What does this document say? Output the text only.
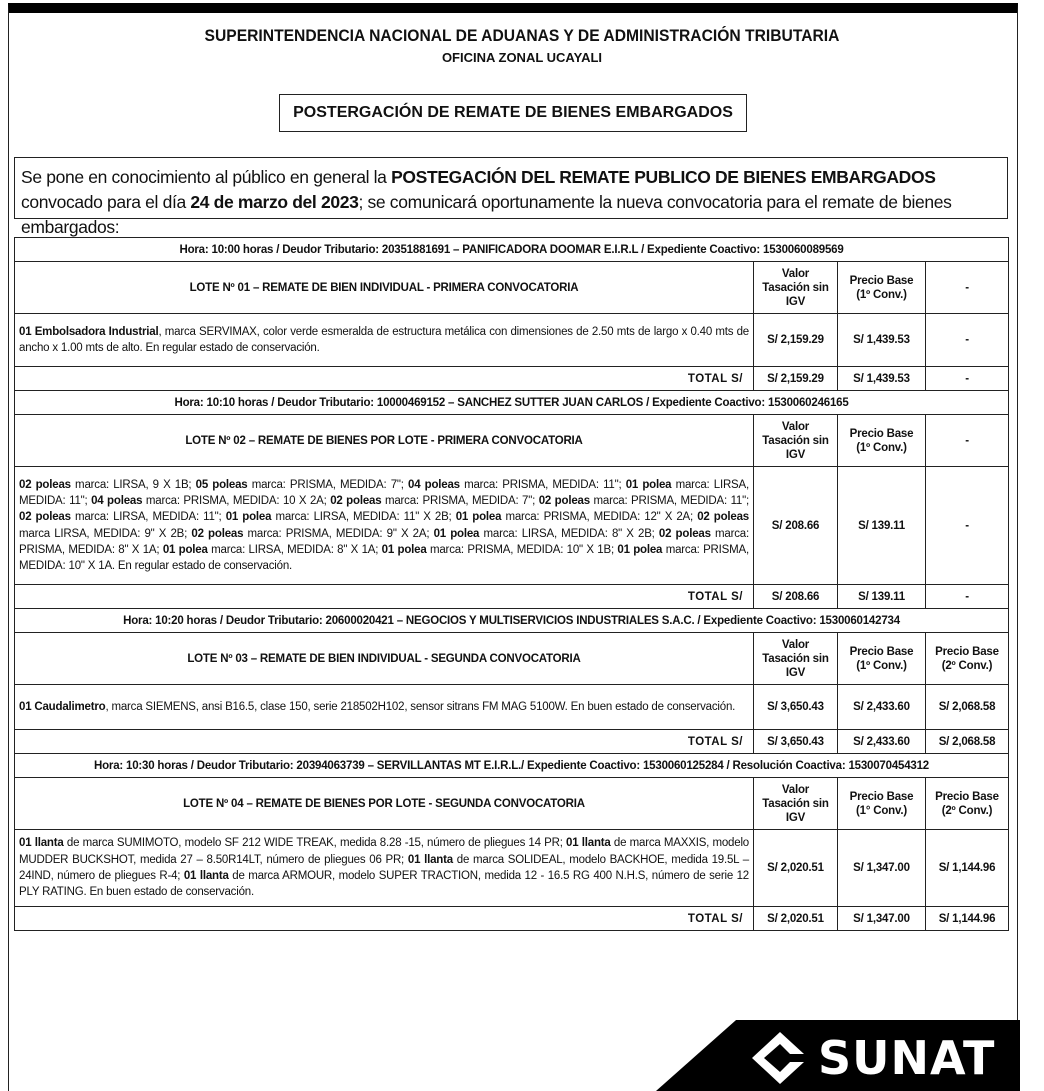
SUPERINTENDENCIA NACIONAL DE ADUANAS Y DE ADMINISTRACIÓN TRIBUTARIA
OFICINA ZONAL UCAYALI
POSTERGACIÓN DE REMATE DE BIENES EMBARGADOS
Se pone en conocimiento al público en general la POSTEGACIÓN DEL REMATE PUBLICO DE BIENES EMBARGADOS convocado para el día 24 de marzo del 2023; se comunicará oportunamente la nueva convocatoria para el remate de bienes embargados:
Hora: 10:00 horas / Deudor Tributario: 20351881691 – PANIFICADORA DOOMAR E.I.R.L / Expediente Coactivo: 1530060089569			
LOTE Nº 01 – REMATE DE BIEN INDIVIDUAL - PRIMERA CONVOCATORIA	Valor Tasación sin IGV	Precio Base (1º Conv.)	-
01 Embolsadora Industrial, marca SERVIMAX, color verde esmeralda de estructura metálica con dimensiones de 2.50 mts de largo x 0.40 mts de ancho x 1.00 mts de alto. En regular estado de conservación.	S/ 2,159.29	S/ 1,439.53	-
TOTAL S/	S/ 2,159.29	S/ 1,439.53	-
Hora: 10:10 horas / Deudor Tributario: 10000469152 – SANCHEZ SUTTER JUAN CARLOS / Expediente Coactivo: 1530060246165			
LOTE Nº 02 – REMATE DE BIENES POR LOTE - PRIMERA CONVOCATORIA	Valor Tasación sin IGV	Precio Base (1º Conv.)	-
02 poleas marca: LIRSA, 9 X 1B; 05 poleas marca: PRISMA, MEDIDA: 7"; 04 poleas marca: PRISMA, MEDIDA: 11"; 01 polea marca: LIRSA, MEDIDA: 11"; 04 poleas marca: PRISMA, MEDIDA: 10 X 2A; 02 poleas marca: PRISMA, MEDIDA: 7"; 02 poleas marca: PRISMA, MEDIDA: 11"; 02 poleas marca: LIRSA, MEDIDA: 11"; 01 polea marca: LIRSA, MEDIDA: 11" X 2B; 01 polea marca: PRISMA, MEDIDA: 12" X 2A; 02 poleas marca LIRSA, MEDIDA: 9" X 2B; 02 poleas marca: PRISMA, MEDIDA: 9" X 2A; 01 polea marca: LIRSA, MEDIDA: 8" X 2B; 02 poleas marca: PRISMA, MEDIDA: 8" X 1A; 01 polea marca: LIRSA, MEDIDA: 8" X 1A; 01 polea marca: PRISMA, MEDIDA: 10" X 1B; 01 polea marca: PRISMA, MEDIDA: 10" X 1A. En regular estado de conservación.	S/ 208.66	S/ 139.11	-
TOTAL S/	S/ 208.66	S/ 139.11	-
Hora: 10:20 horas / Deudor Tributario: 20600020421 – NEGOCIOS Y MULTISERVICIOS INDUSTRIALES S.A.C. / Expediente Coactivo: 1530060142734			
LOTE Nº 03 – REMATE DE BIEN INDIVIDUAL - SEGUNDA CONVOCATORIA	Valor Tasación sin IGV	Precio Base (1º Conv.)	Precio Base (2º Conv.)
01 Caudalimetro, marca SIEMENS, ansi B16.5, clase 150, serie 218502H102, sensor sitrans FM MAG 5100W. En buen estado de conservación.	S/ 3,650.43	S/ 2,433.60	S/ 2,068.58
TOTAL S/	S/ 3,650.43	S/ 2,433.60	S/ 2,068.58
Hora: 10:30 horas / Deudor Tributario: 20394063739 – SERVILLANTAS MT E.I.R.L./ Expediente Coactivo: 1530060125284 / Resolución Coactiva: 1530070454312			
LOTE Nº 04 – REMATE DE BIENES POR LOTE - SEGUNDA CONVOCATORIA	Valor Tasación sin IGV	Precio Base (1° Conv.)	Precio Base (2º Conv.)
01 llanta de marca SUMIMOTO, modelo SF 212 WIDE TREAK, medida 8.28 -15, número de pliegues 14 PR; 01 llanta de marca MAXXIS, modelo MUDDER BUCKSHOT, medida 27 – 8.50R14LT, número de pliegues 06 PR; 01 llanta de marca SOLIDEAL, modelo BACKHOE, medida 19.5L – 24IND, número de pliegues R-4; 01 llanta de marca ARMOUR, modelo SUPER TRACTION, medida 12 - 16.5 RG 400 N.H.S, número de serie 12 PLY RATING. En buen estado de conservación.	S/ 2,020.51	S/ 1,347.00	S/ 1,144.96
TOTAL S/	S/ 2,020.51	S/ 1,347.00	S/ 1,144.96
SUNAT
